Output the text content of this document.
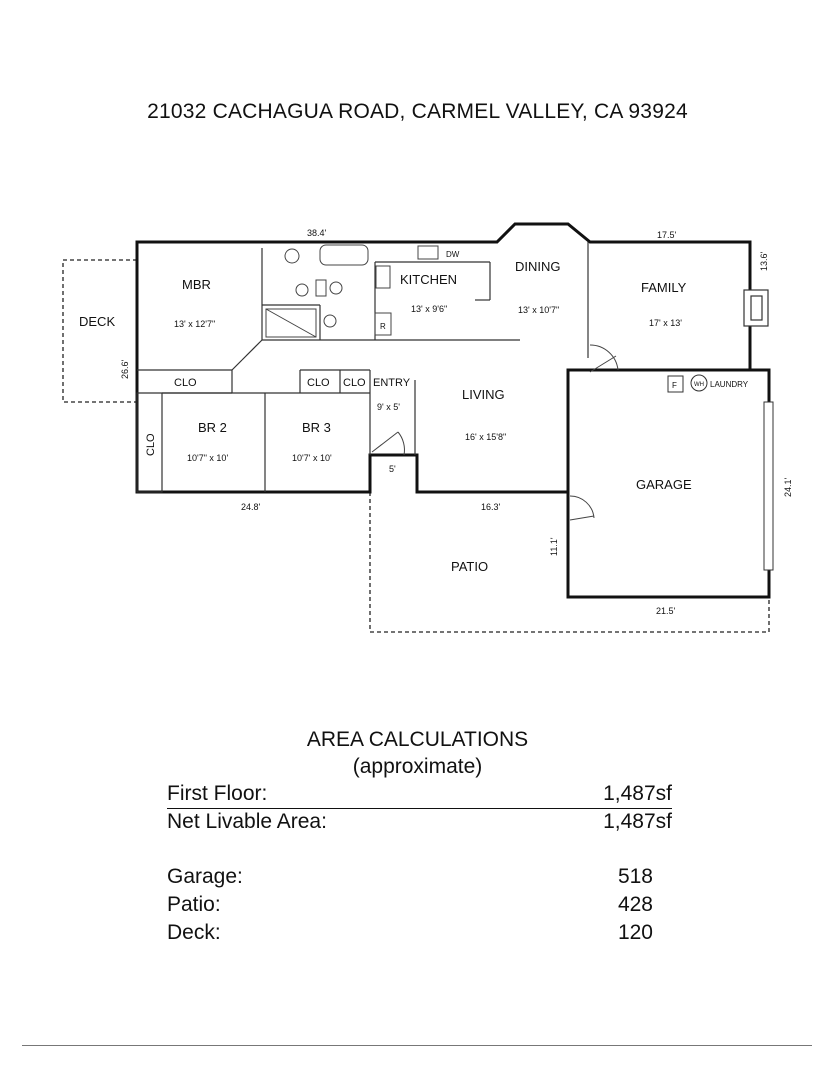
21032 CACHAGUA ROAD, CARMEL VALLEY, CA 93924
MBR
13' x 12'7"
DECK
KITCHEN
13' x 9'6"
DINING
13' x 10'7"
FAMILY
17' x 13'
BR 2
10'7" x 10'
BR 3
10'7' x 10'
ENTRY
9' x 5'
LIVING
16' x 15'8"
GARAGE
PATIO
LAUNDRY
CLO	CLO CLO
CLO
DW
R
F	WH
38.4'	17.5'
13.6'
26.6'
24.8'
5'
16.3'
24.1'
11.1'
21.5'
AREA CALCULATIONS
(approximate)
First Floor:	1,487sf
Net Livable Area:	1,487sf
Garage:	518
Patio:	428
Deck:	120
